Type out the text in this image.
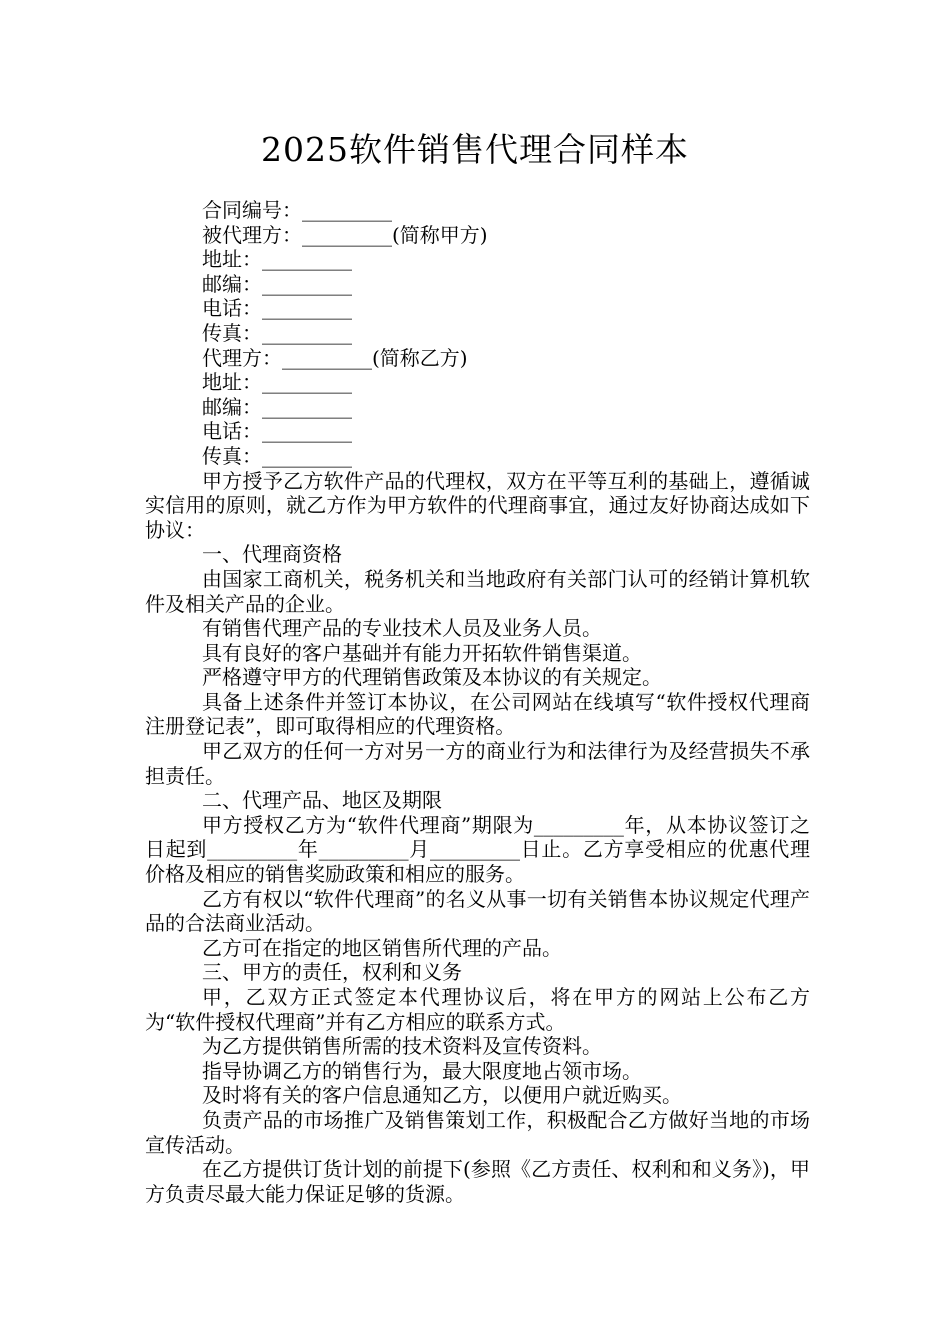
2025软件销售代理合同样本
合同编号：_________
被代理方：_________(简称甲方)
地址：_________
邮编：_________
电话：_________
传真：_________
代理方：_________(简称乙方)
地址：_________
邮编：_________
电话：_________
传真：_________
甲方授予乙方软件产品的代理权，双方在平等互利的基础上，遵循诚实信用的原则，就乙方作为甲方软件的代理商事宜，通过友好协商达成如下协议：
一、代理商资格
由国家工商机关，税务机关和当地政府有关部门认可的经销计算机软件及相关产品的企业。
有销售代理产品的专业技术人员及业务人员。
具有良好的客户基础并有能力开拓软件销售渠道。
严格遵守甲方的代理销售政策及本协议的有关规定。
具备上述条件并签订本协议，在公司网站在线填写“软件授权代理商注册登记表”，即可取得相应的代理资格。
甲乙双方的任何一方对另一方的商业行为和法律行为及经营损失不承担责任。
二、代理产品、地区及期限
甲方授权乙方为“软件代理商”期限为_________年，从本协议签订之日起到_________年_________月_________日止。乙方享受相应的优惠代理价格及相应的销售奖励政策和相应的服务。
乙方有权以“软件代理商”的名义从事一切有关销售本协议规定代理产品的合法商业活动。
乙方可在指定的地区销售所代理的产品。
三、甲方的责任，权利和义务
甲，乙双方正式签定本代理协议后，将在甲方的网站上公布乙方为“软件授权代理商”并有乙方相应的联系方式。
为乙方提供销售所需的技术资料及宣传资料。
指导协调乙方的销售行为，最大限度地占领市场。
及时将有关的客户信息通知乙方，以便用户就近购买。
负责产品的市场推广及销售策划工作，积极配合乙方做好当地的市场宣传活动。
在乙方提供订货计划的前提下(参照《乙方责任、权利和和义务》)，甲方负责尽最大能力保证足够的货源。
